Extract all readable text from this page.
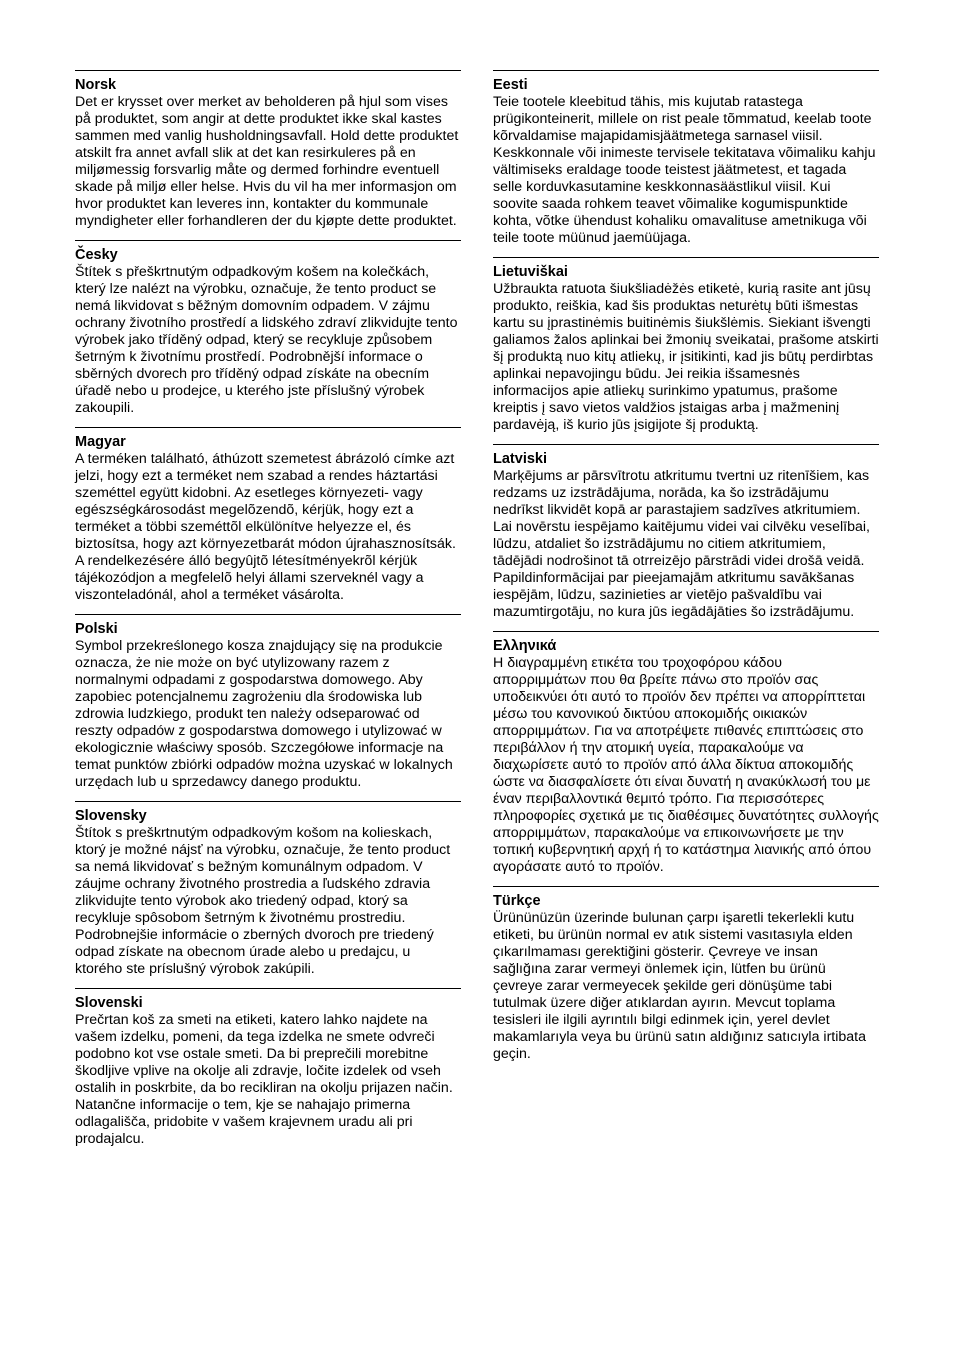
Norsk
Det er krysset over merket av beholderen på hjul som vises på produktet, som angir at dette produktet ikke skal kastes sammen med vanlig husholdningsavfall. Hold dette produktet atskilt fra annet avfall slik at det kan resirkuleres på en miljømessig forsvarlig måte og dermed forhindre eventuell skade på miljø eller helse. Hvis du vil ha mer informasjon om hvor produktet kan leveres inn, kontakter du kommunale myndigheter eller forhandleren der du kjøpte dette produktet.
Česky
Štítek s přeškrtnutým odpadkovým košem na kolečkách, který lze nalézt na výrobku, označuje, že tento product se nemá likvidovat s běžným domovním odpadem. V zájmu ochrany životního prostředí a lidského zdraví zlikvidujte tento výrobek jako tříděný odpad, který se recykluje způsobem šetrným k životnímu prostředí. Podrobnější informace o sběrných dvorech pro tříděný odpad získáte na obecním úřadě nebo u prodejce, u kterého jste příslušný výrobek zakoupili.
Magyar
A terméken található, áthúzott szemetest ábrázoló címke azt jelzi, hogy ezt a terméket nem szabad a rendes háztartási szeméttel együtt kidobni. Az esetleges környezeti- vagy egészségkárosodást megelõzendõ, kérjük, hogy ezt a terméket a többi szeméttõl elkülönítve helyezze el, és biztosítsa, hogy azt környezetbarát módon újrahasznosítsák. A rendelkezésére álló begyûjtõ létesítményekrõl kérjük tájékozódjon a megfelelõ helyi állami szerveknél vagy a viszonteladónál, ahol a terméket vásárolta.
Polski
Symbol przekreślonego kosza znajdujący się na produkcie oznacza, że nie może on być utylizowany razem z normalnymi odpadami z gospodarstwa domowego. Aby zapobiec potencjalnemu zagrożeniu dla środowiska lub zdrowia ludzkiego, produkt ten należy odseparować od reszty odpadów z gospodarstwa domowego i utylizować w ekologicznie właściwy sposób. Szczegółowe informacje na temat punktów zbiórki odpadów można uzyskać w lokalnych urzędach lub u sprzedawcy danego produktu.
Slovensky
Štítok s preškrtnutým odpadkovým košom na kolieskach, ktorý je možné nájsť na výrobku, označuje, že tento product sa nemá likvidovať s bežným komunálnym odpadom. V záujme ochrany životného prostredia a ľudského zdravia zlikvidujte tento výrobok ako triedený odpad, ktorý sa recykluje spôsobom šetrným k životnému prostrediu. Podrobnejšie informácie o zberných dvoroch pre triedený odpad získate na obecnom úrade alebo u predajcu, u ktorého ste príslušný výrobok zakúpili.
Slovenski
Prečrtan koš za smeti na etiketi, katero lahko najdete na vašem izdelku, pomeni, da tega izdelka ne smete odvreči podobno kot vse ostale smeti. Da bi preprečili morebitne škodljive vplive na okolje ali zdravje, ločite izdelek od vseh ostalih in poskrbite, da bo recikliran na okolju prijazen način. Natančne informacije o tem, kje se nahajajo primerna odlagališča, pridobite v vašem krajevnem uradu ali pri prodajalcu.
Eesti
Teie tootele kleebitud tähis, mis kujutab ratastega prügikonteinerit, millele on rist peale tõmmatud, keelab toote kõrvaldamise majapidamisjäätmetega sarnasel viisil. Keskkonnale või inimeste tervisele tekitatava võimaliku kahju vältimiseks eraldage toode teistest jäätmetest, et tagada selle korduvkasutamine keskkonnasäästlikul viisil. Kui soovite saada rohkem teavet võimalike kogumispunktide kohta, võtke ühendust kohaliku omavalituse ametnikuga või teile toote müünud jaemüüjaga.
Lietuviškai
Užbraukta ratuota šiukšliadėžės etiketė, kurią rasite ant jūsų produkto, reiškia, kad šis produktas neturėtų būti išmestas kartu su įprastinėmis buitinėmis šiukšlėmis. Siekiant išvengti galiamos žalos aplinkai bei žmonių sveikatai, prašome atskirti šį produktą nuo kitų atliekų, ir įsitikinti, kad jis būtų perdirbtas aplinkai nepavojingu būdu. Jei reikia išsamesnės informacijos apie atliekų surinkimo ypatumus, prašome kreiptis į savo vietos valdžios įstaigas arba į mažmeninį pardavėją, iš kurio jūs įsigijote šį produktą.
Latviski
Marķējums ar pārsvītrotu atkritumu tvertni uz ritenīšiem, kas redzams uz izstrādājuma, norāda, ka šo izstrādājumu nedrīkst likvidēt kopā ar parastajiem sadzīves atkritumiem. Lai novērstu iespējamo kaitējumu videi vai cilvēku veselībai, lūdzu, atdaliet šo izstrādājumu no citiem atkritumiem, tādējādi nodrošinot tā otrreizējo pārstrādi videi drošā veidā. Papildinformācijai par pieejamajām atkritumu savākšanas iespējām, lūdzu, sazinieties ar vietējo pašvaldību vai mazumtirgotāju, no kura jūs iegādājāties šo izstrādājumu.
Ελληνικά
Η διαγραμμένη ετικέτα του τροχοφόρου κάδου απορριμμάτων που θα βρείτε πάνω στο προϊόν σας υποδεικνύει ότι αυτό το προϊόν δεν πρέπει να απορρίπτεται μέσω του κανονικού δικτύου αποκομιδής οικιακών απορριμμάτων. Για να αποτρέψετε πιθανές επιπτώσεις στο περιβάλλον ή την ατομική υγεία, παρακαλούμε να διαχωρίσετε αυτό το προϊόν από άλλα δίκτυα αποκομιδής ώστε να διασφαλίσετε ότι είναι δυνατή η ανακύκλωσή του με έναν περιβαλλοντικά θεμιτό τρόπο. Για περισσότερες πληροφορίες σχετικά με τις διαθέσιμες δυνατότητες συλλογής απορριμμάτων, παρακαλούμε να επικοινωνήσετε με την τοπική κυβερνητική αρχή ή το κατάστημα λιανικής από όπου αγοράσατε αυτό το προϊόν.
Türkçe
Ürününüzün üzerinde bulunan çarpı işaretli tekerlekli kutu etiketi, bu ürünün normal ev atık sistemi vasıtasıyla elden çıkarılmaması gerektiğini gösterir. Çevreye ve insan sağlığına zarar vermeyi önlemek için, lütfen bu ürünü çevreye zarar vermeyecek şekilde geri dönüşüme tabi tutulmak üzere diğer atıklardan ayırın. Mevcut toplama tesisleri ile ilgili ayrıntılı bilgi edinmek için, yerel devlet makamlarıyla veya bu ürünü satın aldığınız satıcıyla irtibata geçin.
